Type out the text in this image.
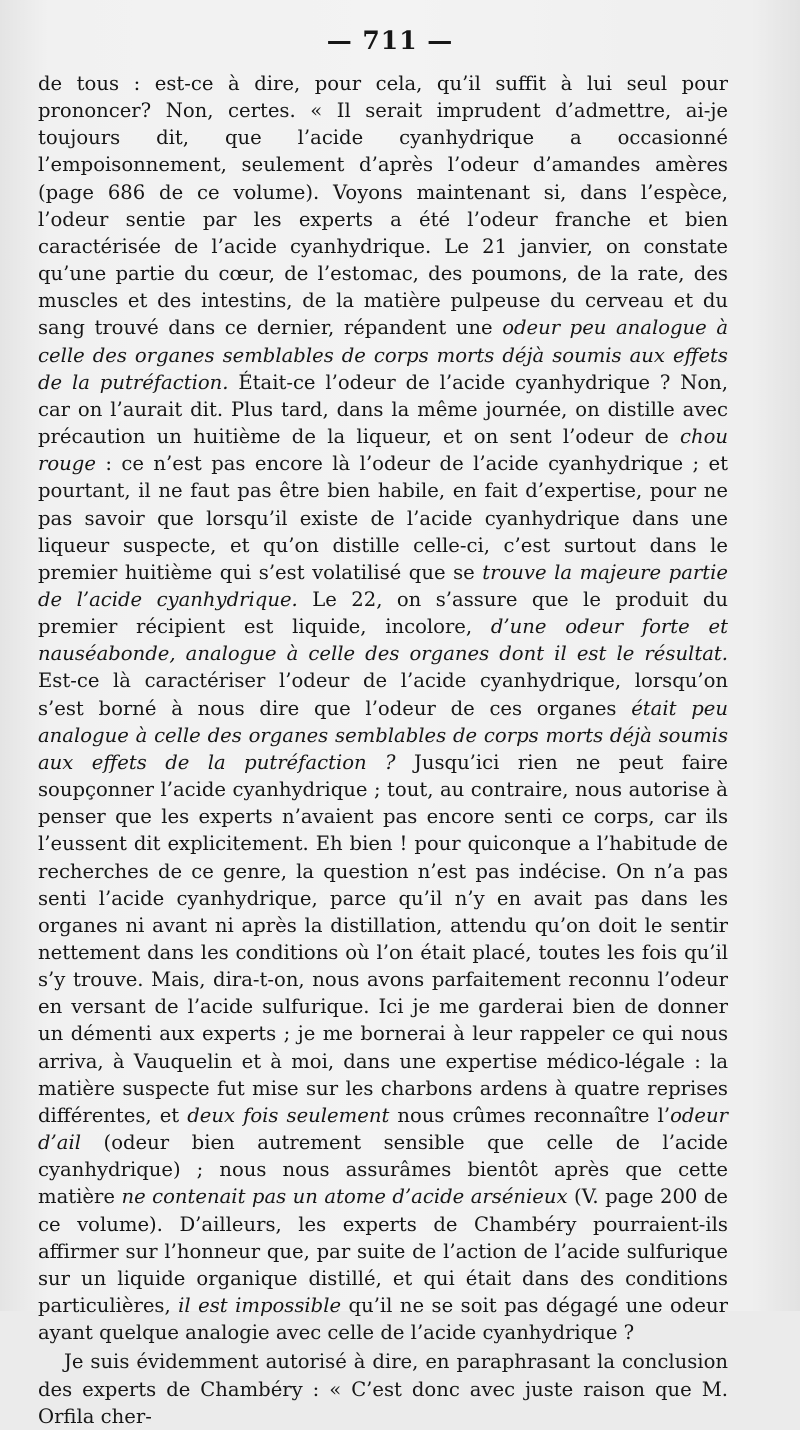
— 711 —

de tous : est-ce à dire, pour cela, qu’il suffit à lui seul pour prononcer? Non, certes. « Il serait imprudent d’admettre, ai-je toujours dit, que l’acide cyanhydrique a occasionné l’empoisonnement, seulement d’après l’odeur d’amandes amères (page 686 de ce volume). Voyons maintenant si, dans l’espèce, l’odeur sentie par les experts a été l’odeur franche et bien caractérisée de l’acide cyanhydrique. Le 21 janvier, on constate qu’une partie du cœur, de l’estomac, des poumons, de la rate, des muscles et des intestins, de la matière pulpeuse du cerveau et du sang trouvé dans ce dernier, répandent une odeur peu analogue à celle des organes semblables de corps morts déjà soumis aux effets de la putréfaction. Était-ce l’odeur de l’acide cyanhydrique ? Non, car on l’aurait dit. Plus tard, dans la même journée, on distille avec précaution un huitième de la liqueur, et on sent l’odeur de chou rouge : ce n’est pas encore là l’odeur de l’acide cyanhydrique ; et pourtant, il ne faut pas être bien habile, en fait d’expertise, pour ne pas savoir que lorsqu’il existe de l’acide cyanhydrique dans une liqueur suspecte, et qu’on distille celle-ci, c’est surtout dans le premier huitième qui s’est volatilisé que se trouve la majeure partie de l’acide cyanhydrique. Le 22, on s’assure que le produit du premier récipient est liquide, incolore, d’une odeur forte et nauséabonde, analogue à celle des organes dont il est le résultat. Est-ce là caractériser l’odeur de l’acide cyanhydrique, lorsqu’on s’est borné à nous dire que l’odeur de ces organes était peu analogue à celle des organes semblables de corps morts déjà soumis aux effets de la putréfaction ? Jusqu’ici rien ne peut faire soupçonner l’acide cyanhydrique ; tout, au contraire, nous autorise à penser que les experts n’avaient pas encore senti ce corps, car ils l’eussent dit explicitement. Eh bien ! pour quiconque a l’habitude de recherches de ce genre, la question n’est pas indécise. On n’a pas senti l’acide cyanhydrique, parce qu’il n’y en avait pas dans les organes ni avant ni après la distillation, attendu qu’on doit le sentir nettement dans les conditions où l’on était placé, toutes les fois qu’il s’y trouve. Mais, dira-t-on, nous avons parfaitement reconnu l’odeur en versant de l’acide sulfurique. Ici je me garderai bien de donner un démenti aux experts ; je me bornerai à leur rappeler ce qui nous arriva, à Vauquelin et à moi, dans une expertise médico-légale : la matière suspecte fut mise sur les charbons ardens à quatre reprises différentes, et deux fois seulement nous crûmes reconnaître l’odeur d’ail (odeur bien autrement sensible que celle de l’acide cyanhydrique) ; nous nous assurâmes bientôt après que cette matière ne contenait pas un atome d’acide arsénieux (V. page 200 de ce volume). D’ailleurs, les experts de Chambéry pourraient-ils affirmer sur l’honneur que, par suite de l’action de l’acide sulfurique sur un liquide organique distillé, et qui était dans des conditions particulières, il est impossible qu’il ne se soit pas dégagé une odeur ayant quelque analogie avec celle de l’acide cyanhydrique ?

Je suis évidemment autorisé à dire, en paraphrasant la conclusion des experts de Chambéry : « C’est donc avec juste raison que M. Orfila cher-
